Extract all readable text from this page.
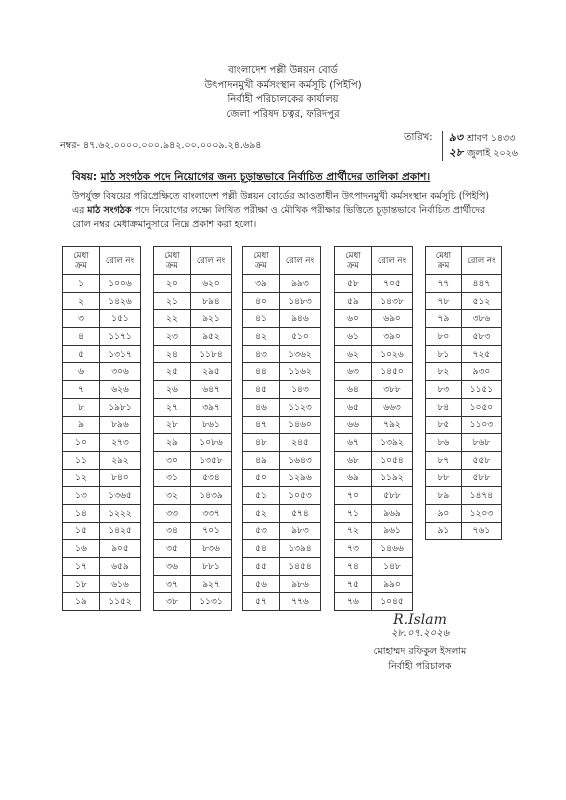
বাংলাদেশ পল্লী উন্নয়ন বোর্ড
উৎপাদনমুখী কর্মসংস্থান কর্মসূচি (পিইপি)
নির্বাহী পরিচালকের কার্যালয়
জেলা পরিষদ চত্বর, ফরিদপুর
নম্বর- ৪৭.৬২.০০০০.০০০.৯৪২.০০.০০০৯.২৪.৬৯৪
তারিখ: ৯৩ শ্রাবণ ১৪৩৩
২৮ জুলাই ২০২৬
বিষয়: মাঠ সংগঠক পদে নিয়োগের জন্য চূড়ান্তভাবে নির্বাচিত প্রার্থীদের তালিকা প্রকাশ।
উপর্যুক্ত বিষয়ের পরিপ্রেক্ষিতে বাংলাদেশ পল্লী উন্নয়ন বোর্ডের আওতাধীন উৎপাদনমুখী কর্মসংস্থান কর্মসূচি (পিইপি) এর মাঠ সংগঠক পদে নিয়োগের লক্ষ্যে লিখিত পরীক্ষা ও মৌখিক পরীক্ষার ভিত্তিতে চূড়ান্তভাবে নির্বাচিত প্রার্থীদের রোল নম্বর মেধাক্রমানুসারে নিম্নে প্রকাশ করা হলো।
মেধা
ক্রম	রোল নং
১	১০০৬
২	১৪২৬
৩	১৫১
৪	১১৭১
৫	১৩১৭
৬	৩০৬
৭	৬২৬
৮	১৯৮১
৯	৮৯৬
১০	২৭৩
১১	২৯২
১২	৮৪০
১৩	১৩৬৫
১৪	১২২২
১৫	১৪২৫
১৬	৯০৫
১৭	৬৫৯
১৮	৬১৬
১৯	১১৫২
মেধা
ক্রম	রোল নং
২০	৬২০
২১	৮৯৪
২২	৯২১
২৩	৯৫২
২৪	১১৮৪
২৫	২৯৫
২৬	৬৪৭
২৭	৩৯৭
২৮	৮৬১
২৯	১০৮৬
৩০	১৩৫৮
৩১	৫৩৪
৩২	১৪৩৯
৩৩	৩৩৭
৩৪	৭০১
৩৫	৮৩৬
৩৬	৮৮১
৩৭	৯২৭
৩৮	১১৩১
মেধা
ক্রম	রোল নং
৩৯	৯৯৩
৪০	১৪৮৩
৪১	৯৪৬
৪২	৫১০
৪৩	১৩৬২
৪৪	১১৬২
৪৫	১৪৩
৪৬	১১২৩
৪৭	১৪৬০
৪৮	২৪৫
৪৯	১৬৪৩
৫০	১২৯৬
৫১	১০৫৩
৫২	৫৭৪
৫৩	৯৮৩
৫৪	১৩৯৪
৫৫	১৪৫৪
৫৬	৯৮৬
৫৭	৭৭৬
মেধা
ক্রম	রোল নং
৫৮	৭০৫
৫৯	১৪৩৮
৬০	৬৯০
৬১	৩৯০
৬২	১০২৬
৬৩	১৪৫০
৬৪	৩৮৮
৬৫	৬৬৩
৬৬	৭৯২
৬৭	১৩৯২
৬৮	১০৫৪
৬৯	১১৯২
৭০	৫৮৮
৭১	৯৬৯
৭২	৯৬১
৭৩	১৪৬৬
৭৪	১৪৮
৭৫	৯৯০
৭৬	১০৪৫
মেধা
ক্রম	রোল নং
৭৭	৪৪৭
৭৮	৫১২
৭৯	৩৮৬
৮০	৫৮৩
৮১	৭২৫
৮২	৯৩০
৮৩	১১৫১
৮৪	১০৫০
৮৫	১১০৩
৮৬	৮৬৮
৮৭	৫৫৮
৮৮	৫৮৮
৮৯	১৪৭৪
৯০	১২০৩
৯১	৭৬১
R.Islam
২৮.০৭.২০২৬
মোহাম্মদ রফিকুল ইসলাম
নির্বাহী পরিচালক
